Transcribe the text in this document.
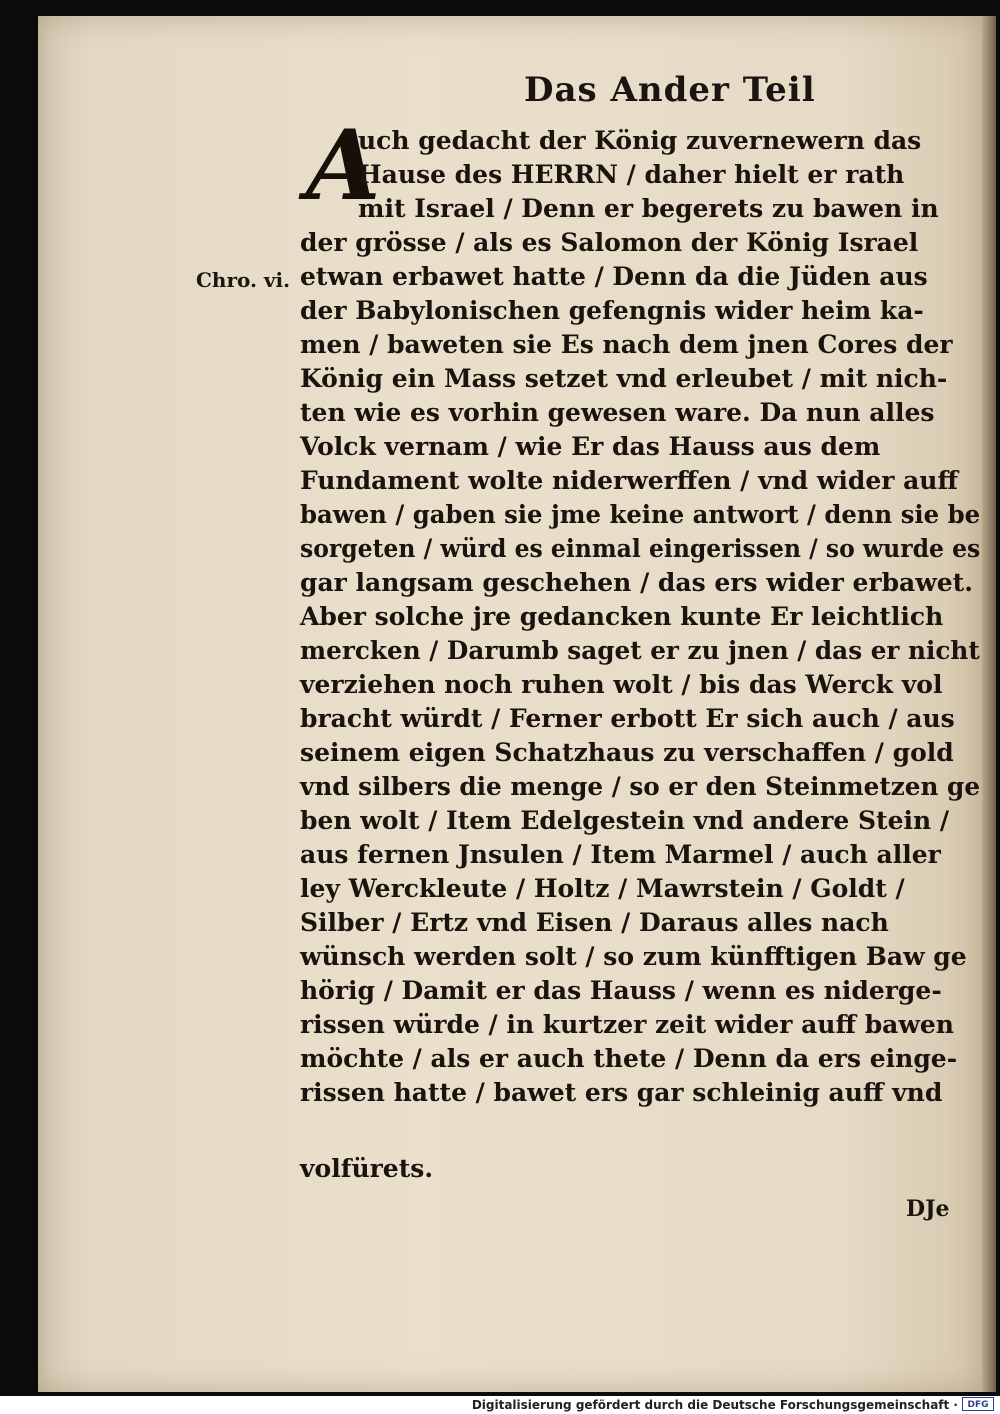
Das Ander Teil
A
Chro. vi.
uch gedacht der König zuvernewern das
Hause des HERRN / daher hielt er rath
mit Israel / Denn er begerets zu bawen in
der grösse / als es Salomon der König Israel
etwan erbawet hatte / Denn da die Jüden aus
der Babylonischen gefengnis wider heim ka-
men / baweten sie Es nach dem jnen Cores der
König ein Mass setzet vnd erleubet / mit nich-
ten wie es vorhin gewesen ware. Da nun alles
Volck vernam / wie Er das Hauss aus dem
Fundament wolte niderwerffen / vnd wider auff
bawen / gaben sie jme keine antwort / denn sie be
sorgeten / würd es einmal eingerissen / so wurde es
gar langsam geschehen / das ers wider erbawet.
Aber solche jre gedancken kunte Er leichtlich
mercken / Darumb saget er zu jnen / das er nicht
verziehen noch ruhen wolt / bis das Werck vol
bracht würdt / Ferner erbott Er sich auch / aus
seinem eigen Schatzhaus zu verschaffen / gold
vnd silbers die menge / so er den Steinmetzen ge
ben wolt / Item Edelgestein vnd andere Stein /
aus fernen Jnsulen / Item Marmel / auch aller
ley Werckleute / Holtz / Mawrstein / Goldt /
Silber / Ertz vnd Eisen / Daraus alles nach
wünsch werden solt / so zum künfftigen Baw ge
hörig / Damit er das Hauss / wenn es niderge-
rissen würde / in kurtzer zeit wider auff bawen
möchte / als er auch thete / Denn da ers einge-
rissen hatte / bawet ers gar schleinig auff vnd
volfürets.
DJe
Digitalisierung gefördert durch die Deutsche Forschungsgemeinschaft ·	DFG
